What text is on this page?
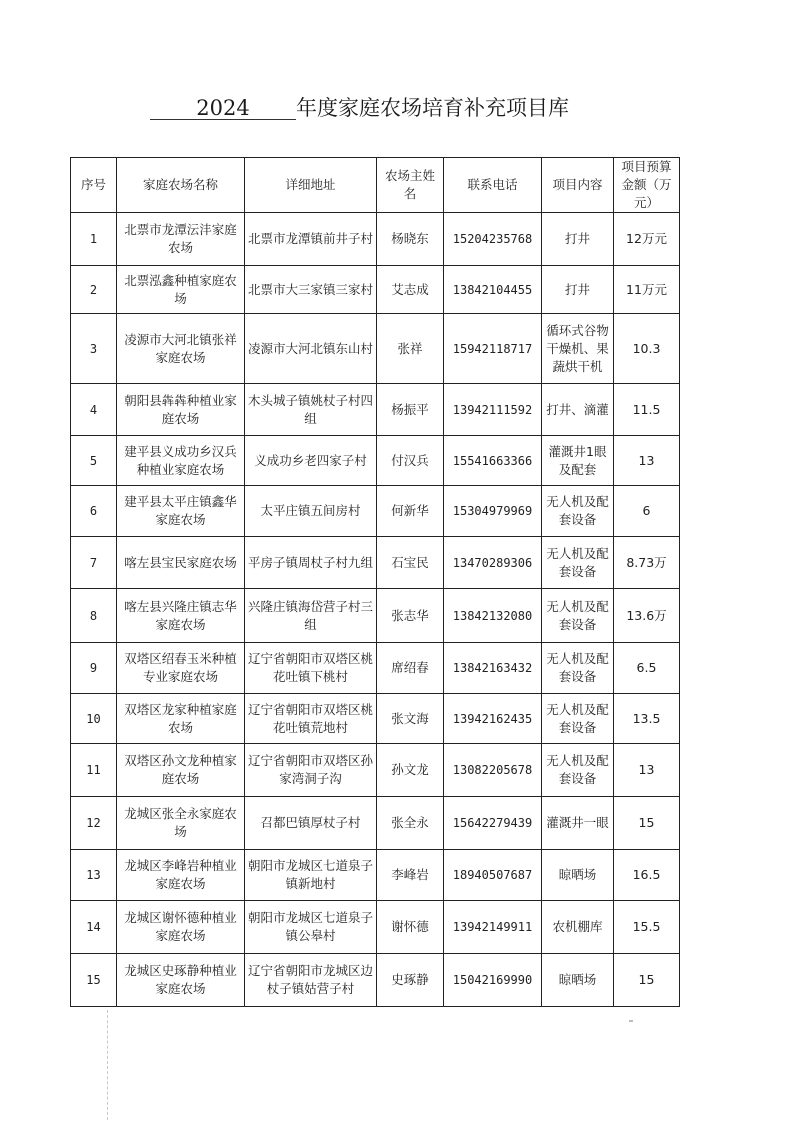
2024 年度家庭农场培育补充项目库
序号	家庭农场名称	详细地址	农场主姓名	联系电话	项目内容	项目预算金额（万元）
1	北票市龙潭沄沣家庭农场	北票市龙潭镇前井子村	杨晓东	15204235768	打井	12万元
2	北票泓鑫种植家庭农场	北票市大三家镇三家村	艾志成	13842104455	打井	11万元
3	凌源市大河北镇张祥家庭农场	凌源市大河北镇东山村	张祥	15942118717	循环式谷物干燥机、果蔬烘干机	10.3
4	朝阳县犇犇种植业家庭农场	木头城子镇姚杖子村四组	杨振平	13942111592	打井、滴灌	11.5
5	建平县义成功乡汉兵种植业家庭农场	义成功乡老四家子村	付汉兵	15541663366	灌溉井1眼及配套	13
6	建平县太平庄镇鑫华家庭农场	太平庄镇五间房村	何新华	15304979969	无人机及配套设备	6
7	喀左县宝民家庭农场	平房子镇周杖子村九组	石宝民	13470289306	无人机及配套设备	8.73万
8	喀左县兴隆庄镇志华家庭农场	兴隆庄镇海岱营子村三组	张志华	13842132080	无人机及配套设备	13.6万
9	双塔区绍春玉米种植专业家庭农场	辽宁省朝阳市双塔区桃花吐镇下桃村	席绍春	13842163432	无人机及配套设备	6.5
10	双塔区龙家种植家庭农场	辽宁省朝阳市双塔区桃花吐镇荒地村	张文海	13942162435	无人机及配套设备	13.5
11	双塔区孙文龙种植家庭农场	辽宁省朝阳市双塔区孙家湾洞子沟	孙文龙	13082205678	无人机及配套设备	13
12	龙城区张全永家庭农场	召都巴镇厚杖子村	张全永	15642279439	灌溉井一眼	15
13	龙城区李峰岩种植业家庭农场	朝阳市龙城区七道泉子镇新地村	李峰岩	18940507687	晾晒场	16.5
14	龙城区谢怀德种植业家庭农场	朝阳市龙城区七道泉子镇公皋村	谢怀德	13942149911	农机棚库	15.5
15	龙城区史琢静种植业家庭农场	辽宁省朝阳市龙城区边杖子镇姑营子村	史琢静	15042169990	晾晒场	15
